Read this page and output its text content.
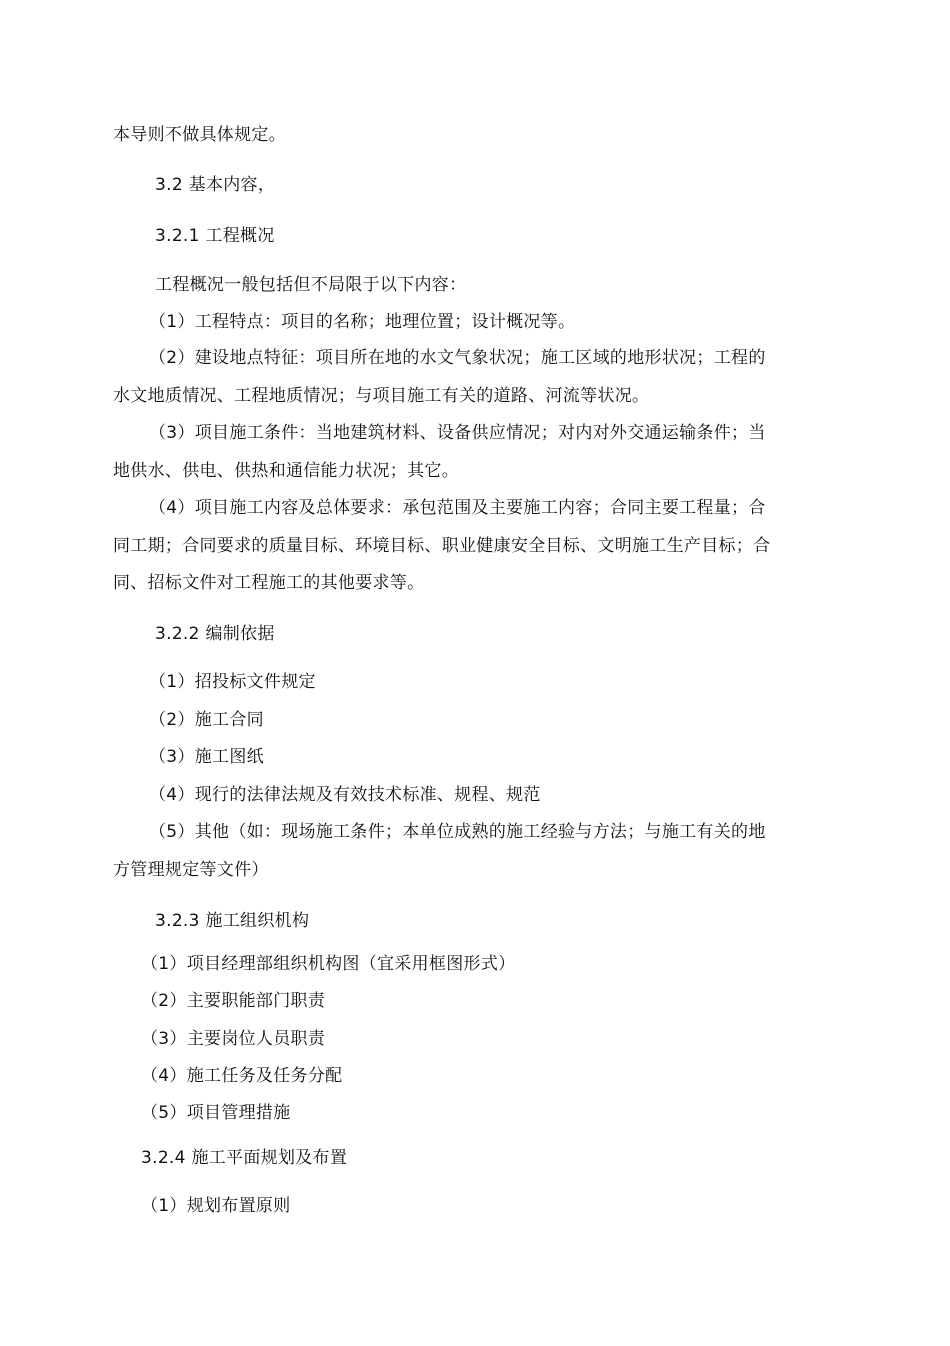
本导则不做具体规定。
3.2 基本内容，
3.2.1 工程概况
工程概况一般包括但不局限于以下内容：
（1）工程特点：项目的名称；地理位置；设计概况等。
（2）建设地点特征：项目所在地的水文气象状况；施工区域的地形状况；工程的
水文地质情况、工程地质情况；与项目施工有关的道路、河流等状况。
（3）项目施工条件：当地建筑材料、设备供应情况；对内对外交通运输条件；当
地供水、供电、供热和通信能力状况；其它。
（4）项目施工内容及总体要求：承包范围及主要施工内容；合同主要工程量；合
同工期；合同要求的质量目标、环境目标、职业健康安全目标、文明施工生产目标；合
同、招标文件对工程施工的其他要求等。
3.2.2 编制依据
（1）招投标文件规定
（2）施工合同
（3）施工图纸
（4）现行的法律法规及有效技术标准、规程、规范
（5）其他（如：现场施工条件；本单位成熟的施工经验与方法；与施工有关的地
方管理规定等文件）
3.2.3 施工组织机构
（1）项目经理部组织机构图（宜采用框图形式）
（2）主要职能部门职责
（3）主要岗位人员职责
（4）施工任务及任务分配
（5）项目管理措施
3.2.4 施工平面规划及布置
（1）规划布置原则
